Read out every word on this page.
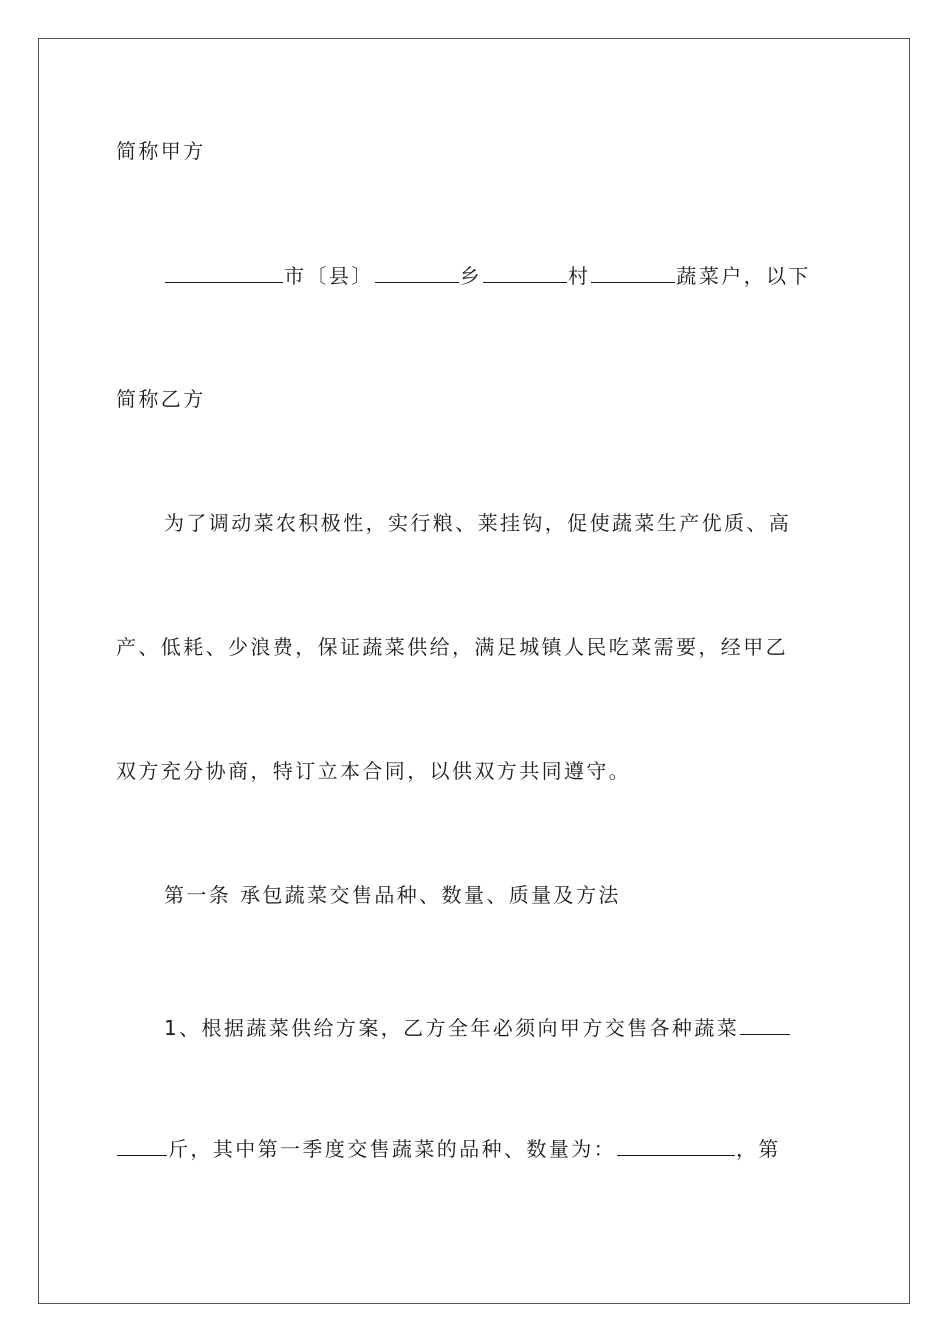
简称甲方
市〔县〕	乡	村	蔬菜户，以下
简称乙方
为了调动菜农积极性，实行粮、莱挂钩，促使蔬菜生产优质、高
产、低耗、少浪费，保证蔬菜供给，满足城镇人民吃菜需要，经甲乙
双方充分协商，特订立本合同，以供双方共同遵守。
第一条 承包蔬菜交售品种、数量、质量及方法
1、根据蔬菜供给方案，乙方全年必须向甲方交售各种蔬菜
斤，其中第一季度交售蔬菜的品种、数量为：	，第
